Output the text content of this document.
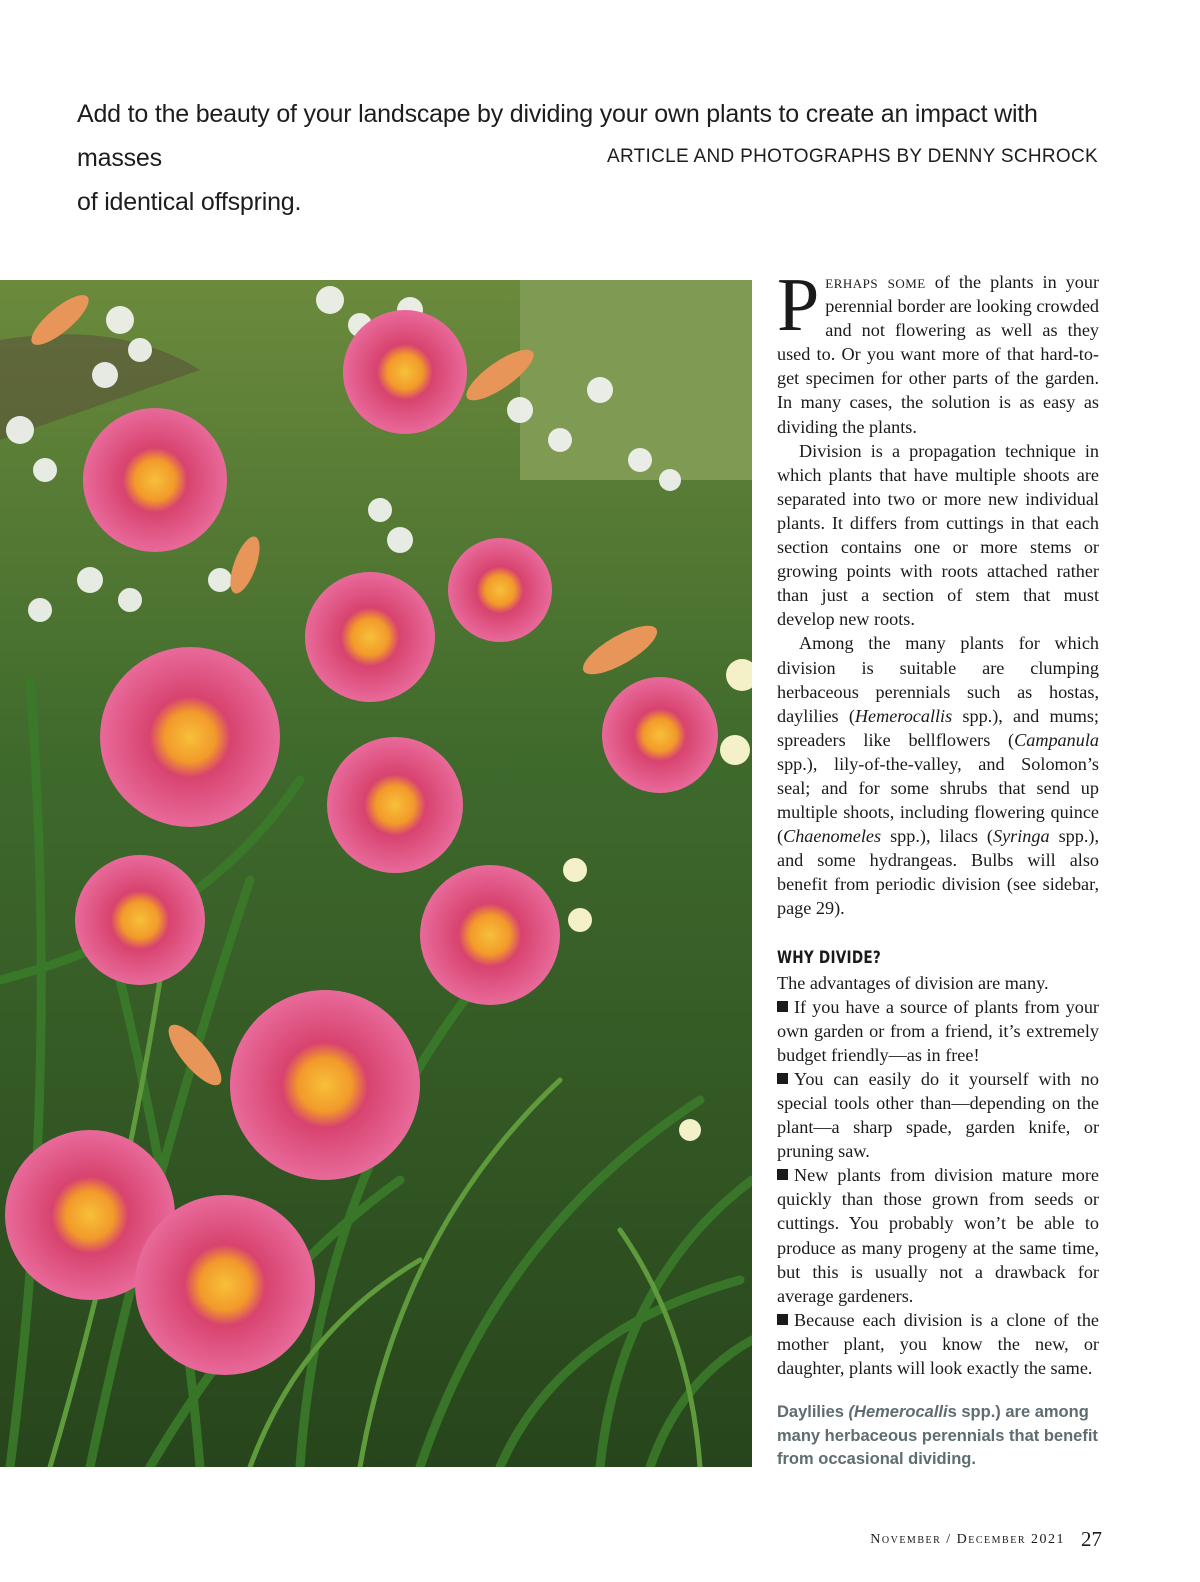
Add to the beauty of your landscape by dividing your own plants to create an impact with masses
of identical offspring.
ARTICLE AND PHOTOGRAPHS BY DENNY SCHROCK

Perhaps some of the plants in your perennial border are looking crowded and not flowering as well as they used to. Or you want more of that hard-to-get specimen for other parts of the garden. In many cases, the solution is as easy as dividing the plants.

Division is a propagation technique in which plants that have multiple shoots are separated into two or more new individual plants. It differs from cuttings in that each section contains one or more stems or growing points with roots attached rather than just a section of stem that must develop new roots.

Among the many plants for which division is suitable are clumping herbaceous perennials such as hostas, daylilies (Hemerocallis spp.), and mums; spreaders like bellflowers (Campanula spp.), lily-of-the-valley, and Solomon’s seal; and for some shrubs that send up multiple shoots, including flowering quince (Chaenomeles spp.), lilacs (Syringa spp.), and some hydrangeas. Bulbs will also benefit from periodic division (see sidebar, page 29).

WHY DIVIDE?

The advantages of division are many.

If you have a source of plants from your own garden or from a friend, it’s extremely budget friendly—as in free!

You can easily do it yourself with no special tools other than—depending on the plant—a sharp spade, garden knife, or pruning saw.

New plants from division mature more quickly than those grown from seeds or cuttings. You probably won’t be able to produce as many progeny at the same time, but this is usually not a drawback for average gardeners.

Because each division is a clone of the mother plant, you know the new, or daughter, plants will look exactly the same.

Daylilies (Hemerocallis spp.) are among many herbaceous perennials that benefit from occasional dividing.
November / December 2021 27
